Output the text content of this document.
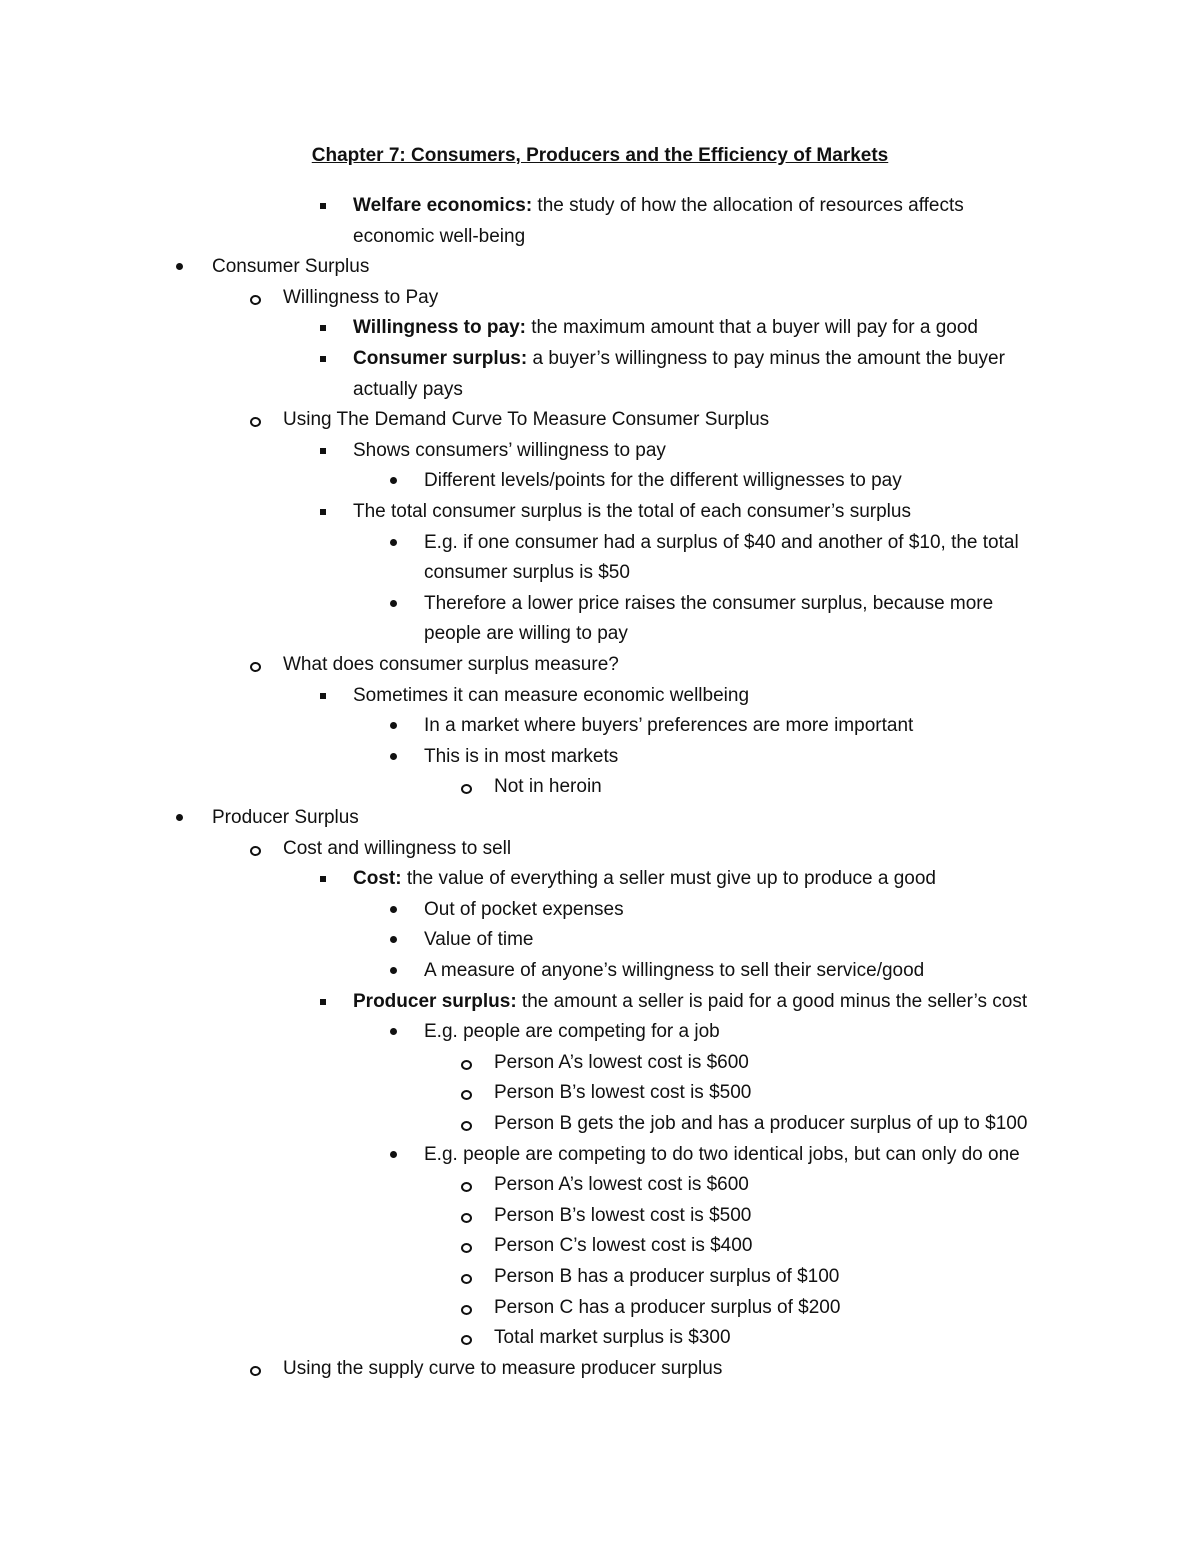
Chapter 7: Consumers, Producers and the Efficiency of Markets
Welfare economics: the study of how the allocation of resources affects
economic well-being
Consumer Surplus
Willingness to Pay
Willingness to pay: the maximum amount that a buyer will pay for a good
Consumer surplus: a buyer’s willingness to pay minus the amount the buyer
actually pays
Using The Demand Curve To Measure Consumer Surplus
Shows consumers’ willingness to pay
Different levels/points for the different willignesses to pay
The total consumer surplus is the total of each consumer’s surplus
E.g. if one consumer had a surplus of $40 and another of $10, the total
consumer surplus is $50
Therefore a lower price raises the consumer surplus, because more
people are willing to pay
What does consumer surplus measure?
Sometimes it can measure economic wellbeing
In a market where buyers’ preferences are more important
This is in most markets
Not in heroin
Producer Surplus
Cost and willingness to sell
Cost: the value of everything a seller must give up to produce a good
Out of pocket expenses
Value of time
A measure of anyone’s willingness to sell their service/good
Producer surplus: the amount a seller is paid for a good minus the seller’s cost
E.g. people are competing for a job
Person A’s lowest cost is $600
Person B’s lowest cost is $500
Person B gets the job and has a producer surplus of up to $100
E.g. people are competing to do two identical jobs, but can only do one
Person A’s lowest cost is $600
Person B’s lowest cost is $500
Person C’s lowest cost is $400
Person B has a producer surplus of $100
Person C has a producer surplus of $200
Total market surplus is $300
Using the supply curve to measure producer surplus
